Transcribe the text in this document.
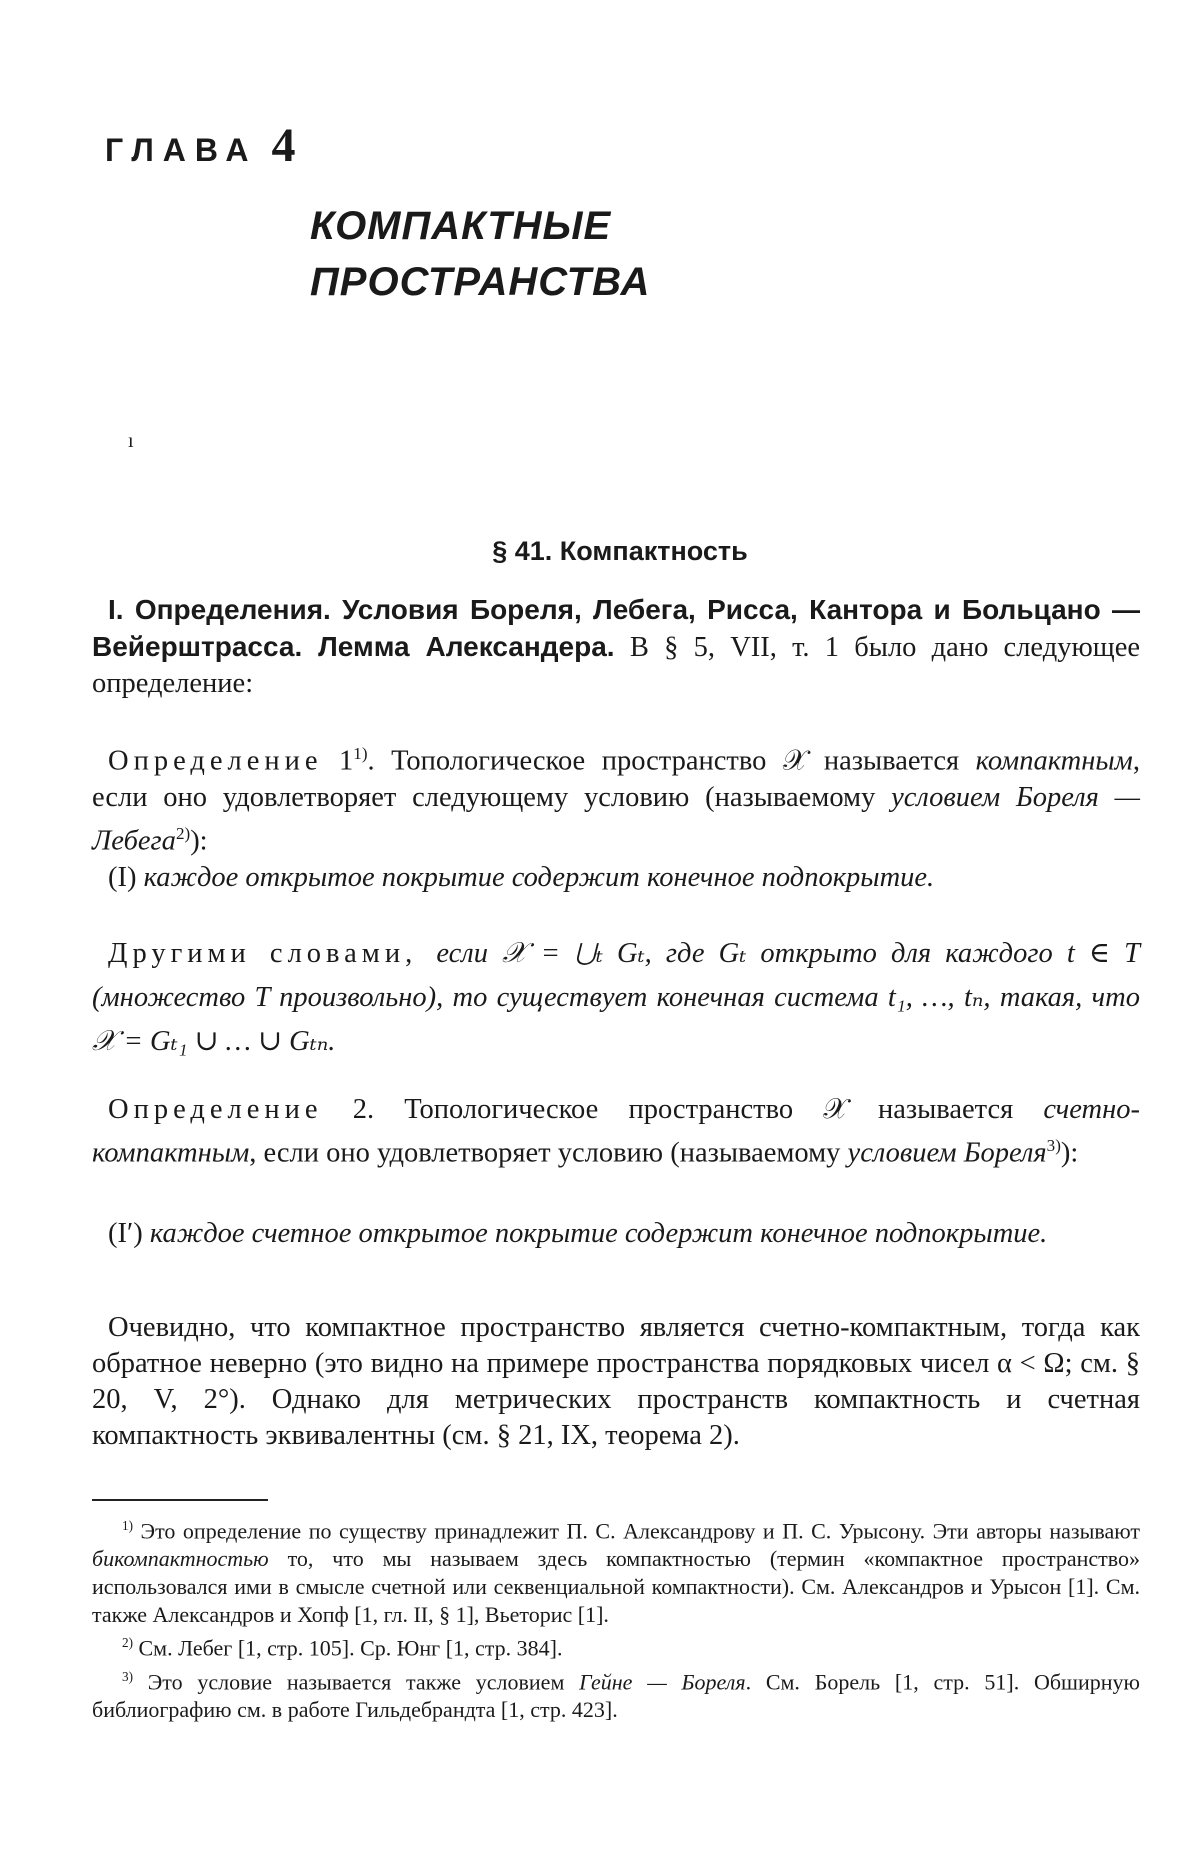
ГЛАВА 4
КОМПАКТНЫЕ
ПРОСТРАНСТВА
ı
§ 41. Компактность

I. Определения. Условия Бореля, Лебега, Рисса, Кантора и Больцано — Вейерштрасса. Лемма Александера. В § 5, VII, т. 1 было дано следующее определение:

Определение 1$^{1)}$. Топологическое пространство 𝒳 называется компактным, если оно удовлетворяет следующему условию (называемому условием Бореля — Лебега$^{2)}$):

(I) каждое открытое покрытие содержит конечное подпокрытие.

Другими словами, если 𝒳 = ⋃ₜ Gₜ, где Gₜ открыто для каждого t ∈ T (множество T произвольно), то существует конечная система t₁, …, tₙ, такая, что 𝒳 = Gₜ₁ ∪ … ∪ Gₜₙ.

Определение 2. Топологическое пространство 𝒳 называется счетно-компактным, если оно удовлетворяет условию (называемому условием Бореля$^{3)}$):

(I′) каждое счетное открытое покрытие содержит конечное подпокрытие.

Очевидно, что компактное пространство является счетно-компактным, тогда как обратное неверно (это видно на примере пространства порядковых чисел α < Ω; см. § 20, V, 2°). Однако для метрических пространств компактность и счетная компактность эквивалентны (см. § 21, IX, теорема 2).

$^{1)}$ Это определение по существу принадлежит П. С. Александрову и П. С. Урысону. Эти авторы называют бикомпактностью то, что мы называем здесь компактностью (термин «компактное пространство» использовался ими в смысле счетной или секвенциальной компактности). См. Александров и Урысон [1]. См. также Александров и Хопф [1, гл. II, § 1], Вьеторис [1].

$^{2)}$ См. Лебег [1, стр. 105]. Ср. Юнг [1, стр. 384].

$^{3)}$ Это условие называется также условием Гейне — Бореля. См. Борель [1, стр. 51]. Обширную библиографию см. в работе Гильдебрандта [1, стр. 423].
